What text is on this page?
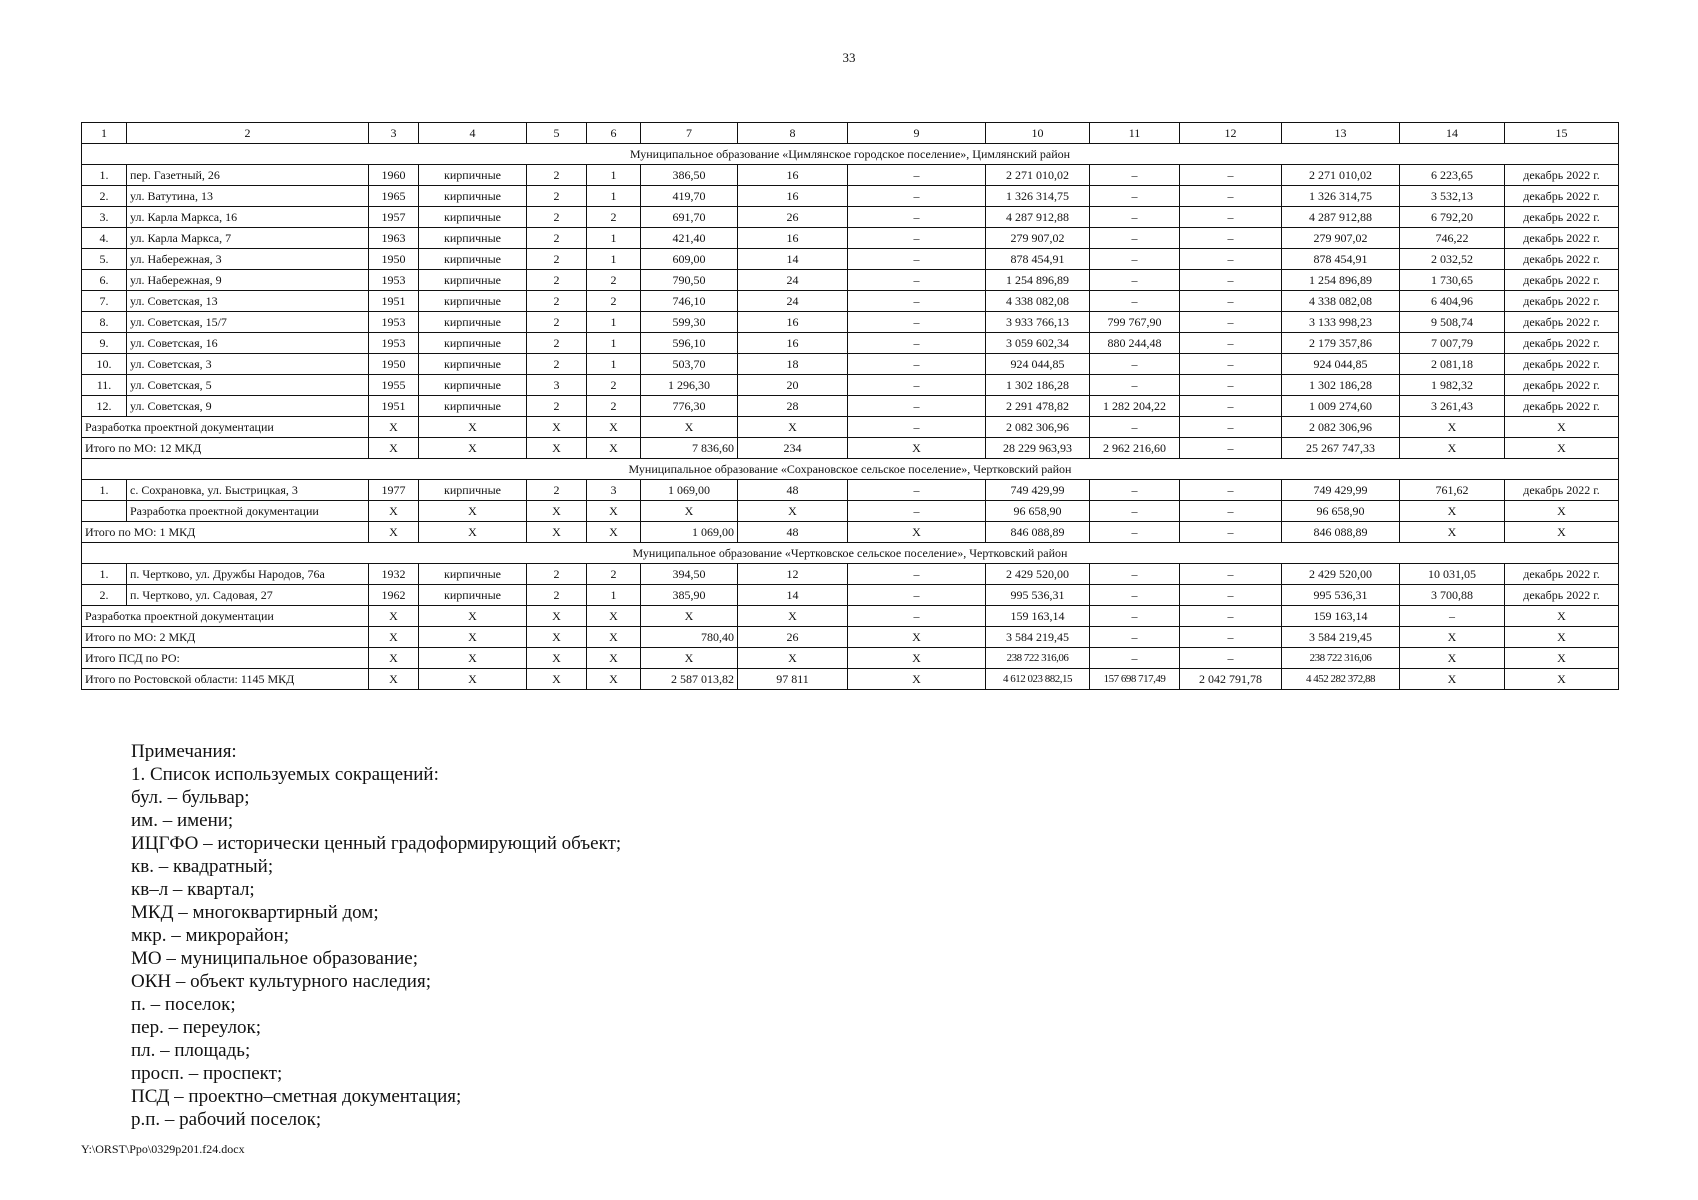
33
1	2	3	4	5	6	7	8	9	10	11	12	13	14	15
Муниципальное образование «Цимлянское городское поселение», Цимлянский район														
1.	пер. Газетный, 26	1960	кирпичные	2	1	386,50	16	–	2 271 010,02	–	–	2 271 010,02	6 223,65	декабрь 2022 г.
2.	ул. Ватутина, 13	1965	кирпичные	2	1	419,70	16	–	1 326 314,75	–	–	1 326 314,75	3 532,13	декабрь 2022 г.
3.	ул. Карла Маркса, 16	1957	кирпичные	2	2	691,70	26	–	4 287 912,88	–	–	4 287 912,88	6 792,20	декабрь 2022 г.
4.	ул. Карла Маркса, 7	1963	кирпичные	2	1	421,40	16	–	279 907,02	–	–	279 907,02	746,22	декабрь 2022 г.
5.	ул. Набережная, 3	1950	кирпичные	2	1	609,00	14	–	878 454,91	–	–	878 454,91	2 032,52	декабрь 2022 г.
6.	ул. Набережная, 9	1953	кирпичные	2	2	790,50	24	–	1 254 896,89	–	–	1 254 896,89	1 730,65	декабрь 2022 г.
7.	ул. Советская, 13	1951	кирпичные	2	2	746,10	24	–	4 338 082,08	–	–	4 338 082,08	6 404,96	декабрь 2022 г.
8.	ул. Советская, 15/7	1953	кирпичные	2	1	599,30	16	–	3 933 766,13	799 767,90	–	3 133 998,23	9 508,74	декабрь 2022 г.
9.	ул. Советская, 16	1953	кирпичные	2	1	596,10	16	–	3 059 602,34	880 244,48	–	2 179 357,86	7 007,79	декабрь 2022 г.
10.	ул. Советская, 3	1950	кирпичные	2	1	503,70	18	–	924 044,85	–	–	924 044,85	2 081,18	декабрь 2022 г.
11.	ул. Советская, 5	1955	кирпичные	3	2	1 296,30	20	–	1 302 186,28	–	–	1 302 186,28	1 982,32	декабрь 2022 г.
12.	ул. Советская, 9	1951	кирпичные	2	2	776,30	28	–	2 291 478,82	1 282 204,22	–	1 009 274,60	3 261,43	декабрь 2022 г.
Разработка проектной документации		X	X	X	X	X	X	–	2 082 306,96	–	–	2 082 306,96	X	X
Итого по МО: 12 МКД		X	X	X	X	7 836,60	234	X	28 229 963,93	2 962 216,60	–	25 267 747,33	X	X
Муниципальное образование «Сохрановское сельское поселение», Чертковский район														
1.	с. Сохрановка, ул. Быстрицкая, 3	1977	кирпичные	2	3	1 069,00	48	–	749 429,99	–	–	749 429,99	761,62	декабрь 2022 г.
	Разработка проектной документации	X	X	X	X	X	X	–	96 658,90	–	–	96 658,90	X	X
Итого по МО: 1 МКД		X	X	X	X	1 069,00	48	X	846 088,89	–	–	846 088,89	X	X
Муниципальное образование «Чертковское сельское поселение», Чертковский район														
1.	п. Чертково, ул. Дружбы Народов, 76а	1932	кирпичные	2	2	394,50	12	–	2 429 520,00	–	–	2 429 520,00	10 031,05	декабрь 2022 г.
2.	п. Чертково, ул. Садовая, 27	1962	кирпичные	2	1	385,90	14	–	995 536,31	–	–	995 536,31	3 700,88	декабрь 2022 г.
Разработка проектной документации		X	X	X	X	X	X	–	159 163,14	–	–	159 163,14	–	X
Итого по МО: 2 МКД		X	X	X	X	780,40	26	X	3 584 219,45	–	–	3 584 219,45	X	X
Итого ПСД по РО:		X	X	X	X	X	X	X	238 722 316,06	–	–	238 722 316,06	X	X
Итого по Ростовской области: 1145 МКД		X	X	X	X	2 587 013,82	97 811	X	4 612 023 882,15	157 698 717,49	2 042 791,78	4 452 282 372,88	X	X
Примечания:
1. Список используемых сокращений:
бул. – бульвар;
им. – имени;
ИЦГФО – исторически ценный градоформирующий объект;
кв. – квадратный;
кв–л – квартал;
МКД – многоквартирный дом;
мкр. – микрорайон;
МО – муниципальное образование;
ОКН – объект культурного наследия;
п. – поселок;
пер. – переулок;
пл. – площадь;
просп. – проспект;
ПСД – проектно–сметная документация;
р.п. – рабочий поселок;
Y:\ORST\Ppo\0329p201.f24.docx
